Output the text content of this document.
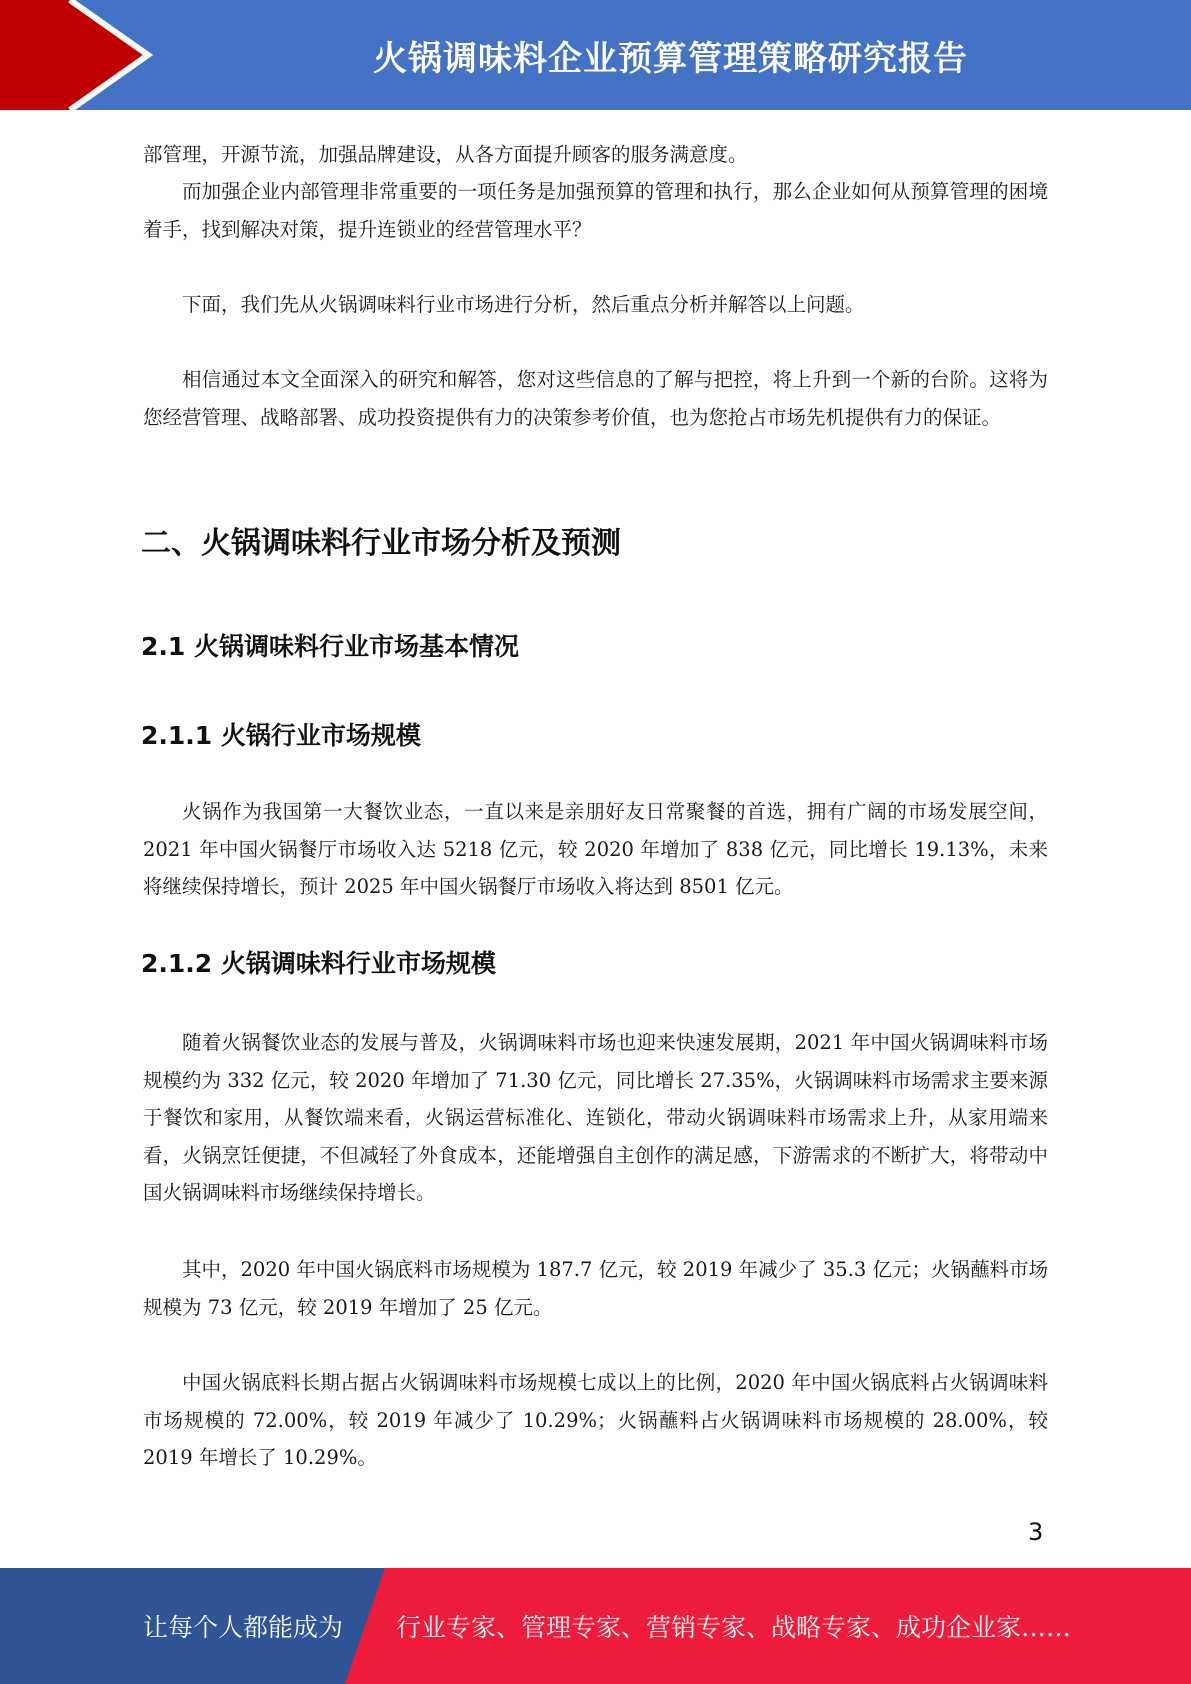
火锅调味料企业预算管理策略研究报告

部管理，开源节流，加强品牌建设，从各方面提升顾客的服务满意度。

而加强企业内部管理非常重要的一项任务是加强预算的管理和执行，那么企业如何从预算管理的困境着手，找到解决对策，提升连锁业的经营管理水平？

下面，我们先从火锅调味料行业市场进行分析，然后重点分析并解答以上问题。

相信通过本文全面深入的研究和解答，您对这些信息的了解与把控，将上升到一个新的台阶。这将为您经营管理、战略部署、成功投资提供有力的决策参考价值，也为您抢占市场先机提供有力的保证。

二、火锅调味料行业市场分析及预测
2.1 火锅调味料行业市场基本情况
2.1.1 火锅行业市场规模

火锅作为我国第一大餐饮业态，一直以来是亲朋好友日常聚餐的首选，拥有广阔的市场发展空间，2021 年中国火锅餐厅市场收入达 5218 亿元，较 2020 年增加了 838 亿元，同比增长 19.13%，未来将继续保持增长，预计 2025 年中国火锅餐厅市场收入将达到 8501 亿元。

2.1.2 火锅调味料行业市场规模

随着火锅餐饮业态的发展与普及，火锅调味料市场也迎来快速发展期，2021 年中国火锅调味料市场规模约为 332 亿元，较 2020 年增加了 71.30 亿元，同比增长 27.35%，火锅调味料市场需求主要来源于餐饮和家用，从餐饮端来看，火锅运营标准化、连锁化，带动火锅调味料市场需求上升，从家用端来看，火锅烹饪便捷，不但减轻了外食成本，还能增强自主创作的满足感，下游需求的不断扩大，将带动中国火锅调味料市场继续保持增长。

其中，2020 年中国火锅底料市场规模为 187.7 亿元，较 2019 年减少了 35.3 亿元；火锅蘸料市场规模为 73 亿元，较 2019 年增加了 25 亿元。

中国火锅底料长期占据占火锅调味料市场规模七成以上的比例，2020 年中国火锅底料占火锅调味料市场规模的 72.00%，较 2019 年减少了 10.29%；火锅蘸料占火锅调味料市场规模的 28.00%，较 2019 年增长了 10.29%。

3
让每个人都能成为 行业专家、管理专家、营销专家、战略专家、成功企业家……
